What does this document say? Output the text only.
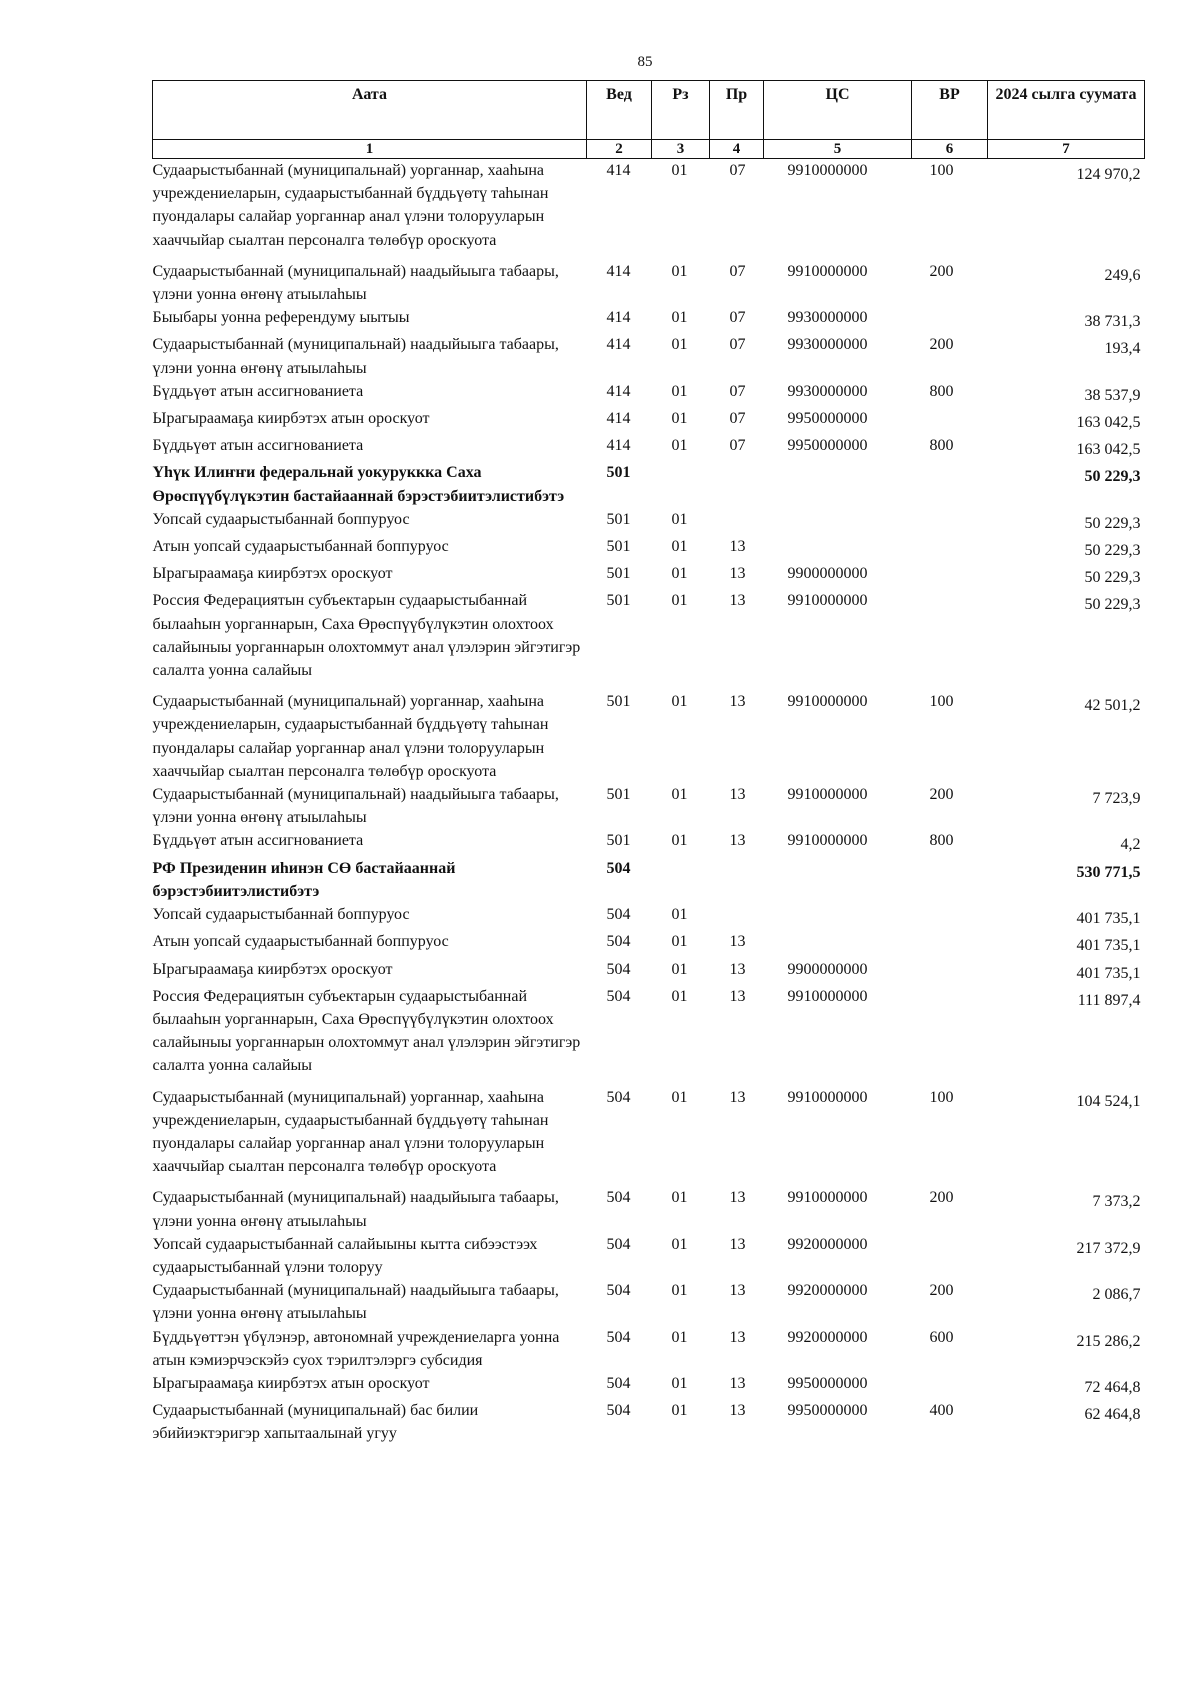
85
Аата	Вед	Рз	Пр	ЦС	ВР	2024 сылга суумата
1	2	3	4	5	6	7
Судаарыстыбаннай (муниципальнай) уорганнар, хааһына учреждениеларын, судаарыстыбаннай бүддьүөтү таһынан пуондалары салайар уорганнар анал үлэни толорууларын хааччыйар сыалтан персоналга төлөбүр ороскуота	414	01	07	9910000000	100	124 970,2
Судаарыстыбаннай (муниципальнай) наадыйыыга табаары, үлэни уонна өҥөнү атыылаһыы	414	01	07	9910000000	200	249,6
Быыбары уонна референдуму ыытыы	414	01	07	9930000000		38 731,3
Судаарыстыбаннай (муниципальнай) наадыйыыга табаары, үлэни уонна өҥөнү атыылаһыы	414	01	07	9930000000	200	193,4
Бүддьүөт атын ассигнованиета	414	01	07	9930000000	800	38 537,9
Ырагыраамаҕа киирбэтэх атын ороскуот	414	01	07	9950000000		163 042,5
Бүддьүөт атын ассигнованиета	414	01	07	9950000000	800	163 042,5
Үһүк Илиҥҥи федеральнай уокуруккка Саха Өрөспүүбүлүкэтин бастайааннай бэрэстэбиитэлистибэтэ	501					50 229,3
Уопсай судаарыстыбаннай боппуруос	501	01				50 229,3
Атын уопсай судаарыстыбаннай боппуруос	501	01	13			50 229,3
Ырагыраамаҕа киирбэтэх ороскуот	501	01	13	9900000000		50 229,3
Россия Федерациятын субъектарын судаарыстыбаннай былааһын уорганнарын, Саха Өрөспүүбүлүкэтин олохтоох салайыныы уорганнарын олохтоммут анал үлэлэрин эйгэтигэр салалта уонна салайыы	501	01	13	9910000000		50 229,3
Судаарыстыбаннай (муниципальнай) уорганнар, хааһына учреждениеларын, судаарыстыбаннай бүддьүөтү таһынан пуондалары салайар уорганнар анал үлэни толорууларын хааччыйар сыалтан персоналга төлөбүр ороскуота	501	01	13	9910000000	100	42 501,2
Судаарыстыбаннай (муниципальнай) наадыйыыга табаары, үлэни уонна өҥөнү атыылаһыы	501	01	13	9910000000	200	7 723,9
Бүддьүөт атын ассигнованиета	501	01	13	9910000000	800	4,2
РФ Президенин иһинэн СӨ бастайааннай бэрэстэбиитэлистибэтэ	504					530 771,5
Уопсай судаарыстыбаннай боппуруос	504	01				401 735,1
Атын уопсай судаарыстыбаннай боппуруос	504	01	13			401 735,1
Ырагыраамаҕа киирбэтэх ороскуот	504	01	13	9900000000		401 735,1
Россия Федерациятын субъектарын судаарыстыбаннай былааһын уорганнарын, Саха Өрөспүүбүлүкэтин олохтоох салайыныы уорганнарын олохтоммут анал үлэлэрин эйгэтигэр салалта уонна салайыы	504	01	13	9910000000		111 897,4
Судаарыстыбаннай (муниципальнай) уорганнар, хааһына учреждениеларын, судаарыстыбаннай бүддьүөтү таһынан пуондалары салайар уорганнар анал үлэни толорууларын хааччыйар сыалтан персоналга төлөбүр ороскуота	504	01	13	9910000000	100	104 524,1
Судаарыстыбаннай (муниципальнай) наадыйыыга табаары, үлэни уонна өҥөнү атыылаһыы	504	01	13	9910000000	200	7 373,2
Уопсай судаарыстыбаннай салайыыны кытта сибээстээх судаарыстыбаннай үлэни толоруу	504	01	13	9920000000		217 372,9
Судаарыстыбаннай (муниципальнай) наадыйыыга табаары, үлэни уонна өҥөнү атыылаһыы	504	01	13	9920000000	200	2 086,7
Бүддьүөттэн үбүлэнэр, автономнай учреждениеларга уонна атын кэмиэрчэскэйэ суох тэрилтэлэргэ субсидия	504	01	13	9920000000	600	215 286,2
Ырагыраамаҕа киирбэтэх атын ороскуот	504	01	13	9950000000		72 464,8
Судаарыстыбаннай (муниципальнай) бас билии эбийиэктэригэр хапытаалынай угуу	504	01	13	9950000000	400	62 464,8
